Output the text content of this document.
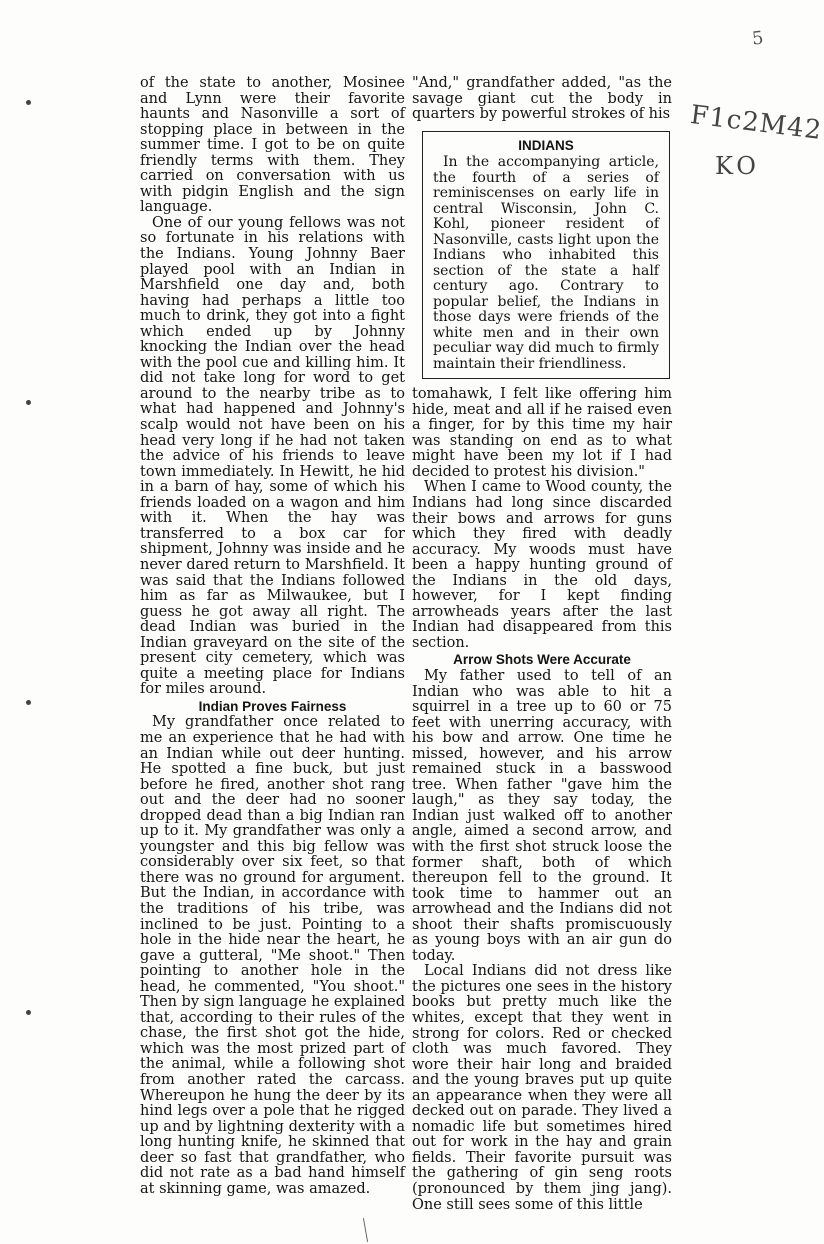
5
F1c2M42
KO

of the state to another, Mosinee and Lynn were their favorite haunts and Nasonville a sort of stopping place in between in the summer time. I got to be on quite friendly terms with them. They carried on conversation with us with pidgin English and the sign language.

One of our young fellows was not so fortunate in his relations with the Indians. Young Johnny Baer played pool with an Indian in Marshfield one day and, both having had perhaps a little too much to drink, they got into a fight which ended up by Johnny knocking the Indian over the head with the pool cue and killing him. It did not take long for word to get around to the nearby tribe as to what had happened and Johnny's scalp would not have been on his head very long if he had not taken the advice of his friends to leave town immediately. In Hewitt, he hid in a barn of hay, some of which his friends loaded on a wagon and him with it. When the hay was transferred to a box car for shipment, Johnny was inside and he never dared return to Marshfield. It was said that the Indians followed him as far as Milwaukee, but I guess he got away all right. The dead Indian was buried in the Indian graveyard on the site of the present city cemetery, which was quite a meeting place for Indians for miles around.

Indian Proves Fairness

My grandfather once related to me an experience that he had with an Indian while out deer hunting. He spotted a fine buck, but just before he fired, another shot rang out and the deer had no sooner dropped dead than a big Indian ran up to it. My grandfather was only a youngster and this big fellow was considerably over six feet, so that there was no ground for argument. But the Indian, in accordance with the traditions of his tribe, was inclined to be just. Pointing to a hole in the hide near the heart, he gave a gutteral, "Me shoot." Then pointing to another hole in the head, he commented, "You shoot." Then by sign language he explained that, according to their rules of the chase, the first shot got the hide, which was the most prized part of the animal, while a following shot from another rated the carcass. Whereupon he hung the deer by its hind legs over a pole that he rigged up and by lightning dexterity with a long hunting knife, he skinned that deer so fast that grandfather, who did not rate as a bad hand himself at skinning game, was amazed.

"And," grandfather added, "as the savage giant cut the body in quarters by powerful strokes of his

INDIANS
In the accompanying article, the fourth of a series of reminiscenses on early life in central Wisconsin, John C. Kohl, pioneer resident of Nasonville, casts light upon the Indians who inhabited this section of the state a half century ago. Contrary to popular belief, the Indians in those days were friends of the white men and in their own peculiar way did much to firmly maintain their friendliness.

tomahawk, I felt like offering him hide, meat and all if he raised even a finger, for by this time my hair was standing on end as to what might have been my lot if I had decided to protest his division."

When I came to Wood county, the Indians had long since discarded their bows and arrows for guns which they fired with deadly accuracy. My woods must have been a happy hunting ground of the Indians in the old days, however, for I kept finding arrowheads years after the last Indian had disappeared from this section.

Arrow Shots Were Accurate

My father used to tell of an Indian who was able to hit a squirrel in a tree up to 60 or 75 feet with unerring accuracy, with his bow and arrow. One time he missed, however, and his arrow remained stuck in a basswood tree. When father "gave him the laugh," as they say today, the Indian just walked off to another angle, aimed a second arrow, and with the first shot struck loose the former shaft, both of which thereupon fell to the ground. It took time to hammer out an arrowhead and the Indians did not shoot their shafts promiscuously as young boys with an air gun do today.

Local Indians did not dress like the pictures one sees in the history books but pretty much like the whites, except that they went in strong for colors. Red or checked cloth was much favored. They wore their hair long and braided and the young braves put up quite an appearance when they were all decked out on parade. They lived a nomadic life but sometimes hired out for work in the hay and grain fields. Their favorite pursuit was the gathering of gin seng roots (pronounced by them jing jang). One still sees some of this little
